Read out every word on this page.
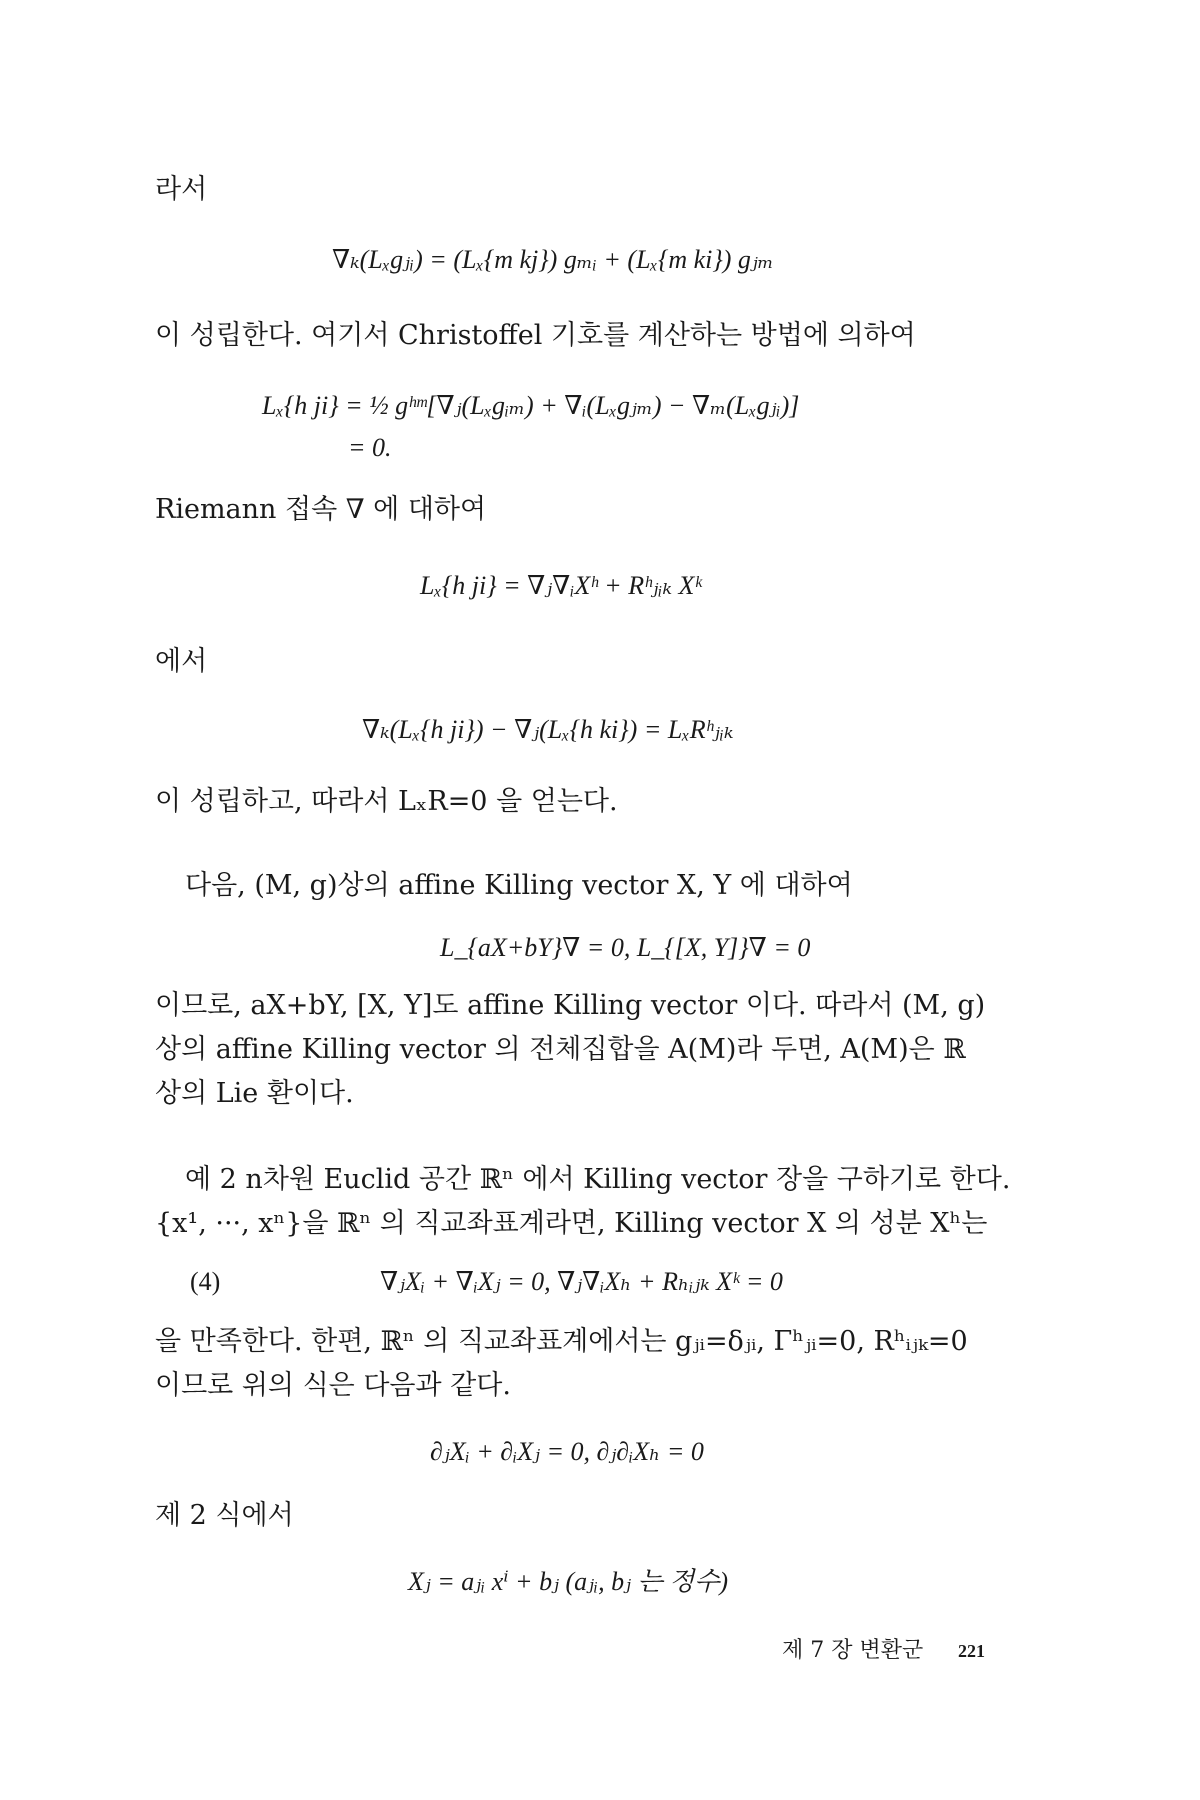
라서

∇ₖ(Lₓgⱼᵢ) = (Lₓ{m kj}) gₘᵢ + (Lₓ{m ki}) gⱼₘ

이 성립한다. 여기서 Christoffel 기호를 계산하는 방법에 의하여

Lₓ{h ji} = ½ gʰᵐ[∇ⱼ(Lₓgᵢₘ) + ∇ᵢ(Lₓgⱼₘ) − ∇ₘ(Lₓgⱼᵢ)]

= 0.

Riemann 접속 ∇ 에 대하여

Lₓ{h ji} = ∇ⱼ∇ᵢXʰ + Rʰⱼᵢₖ Xᵏ

에서

∇ₖ(Lₓ{h ji}) − ∇ⱼ(Lₓ{h ki}) = LₓRʰⱼᵢₖ

이 성립하고, 따라서 LₓR=0 을 얻는다.

다음, (M, g)상의 affine Killing vector X, Y 에 대하여

L_{aX+bY}∇ = 0, L_{[X, Y]}∇ = 0

이므로, aX+bY, [X, Y]도 affine Killing vector 이다. 따라서 (M, g)

상의 affine Killing vector 의 전체집합을 A(M)라 두면, A(M)은 ℝ

상의 Lie 환이다.

예 2 n차원 Euclid 공간 ℝⁿ 에서 Killing vector 장을 구하기로 한다.

{x¹, ···, xⁿ}을 ℝⁿ 의 직교좌표계라면, Killing vector X 의 성분 Xʰ는

(4)	∇ⱼXᵢ + ∇ᵢXⱼ = 0, ∇ⱼ∇ᵢXₕ + Rₕᵢⱼₖ Xᵏ = 0

을 만족한다. 한편, ℝⁿ 의 직교좌표계에서는 gⱼᵢ=δⱼᵢ, Γʰⱼᵢ=0, Rʰᵢⱼₖ=0

이므로 위의 식은 다음과 같다.

∂ⱼXᵢ + ∂ᵢXⱼ = 0, ∂ⱼ∂ᵢXₕ = 0

제 2 식에서

Xⱼ = aⱼᵢ xⁱ + bⱼ (aⱼᵢ, bⱼ 는 정수)

제 7 장 변환군 221
